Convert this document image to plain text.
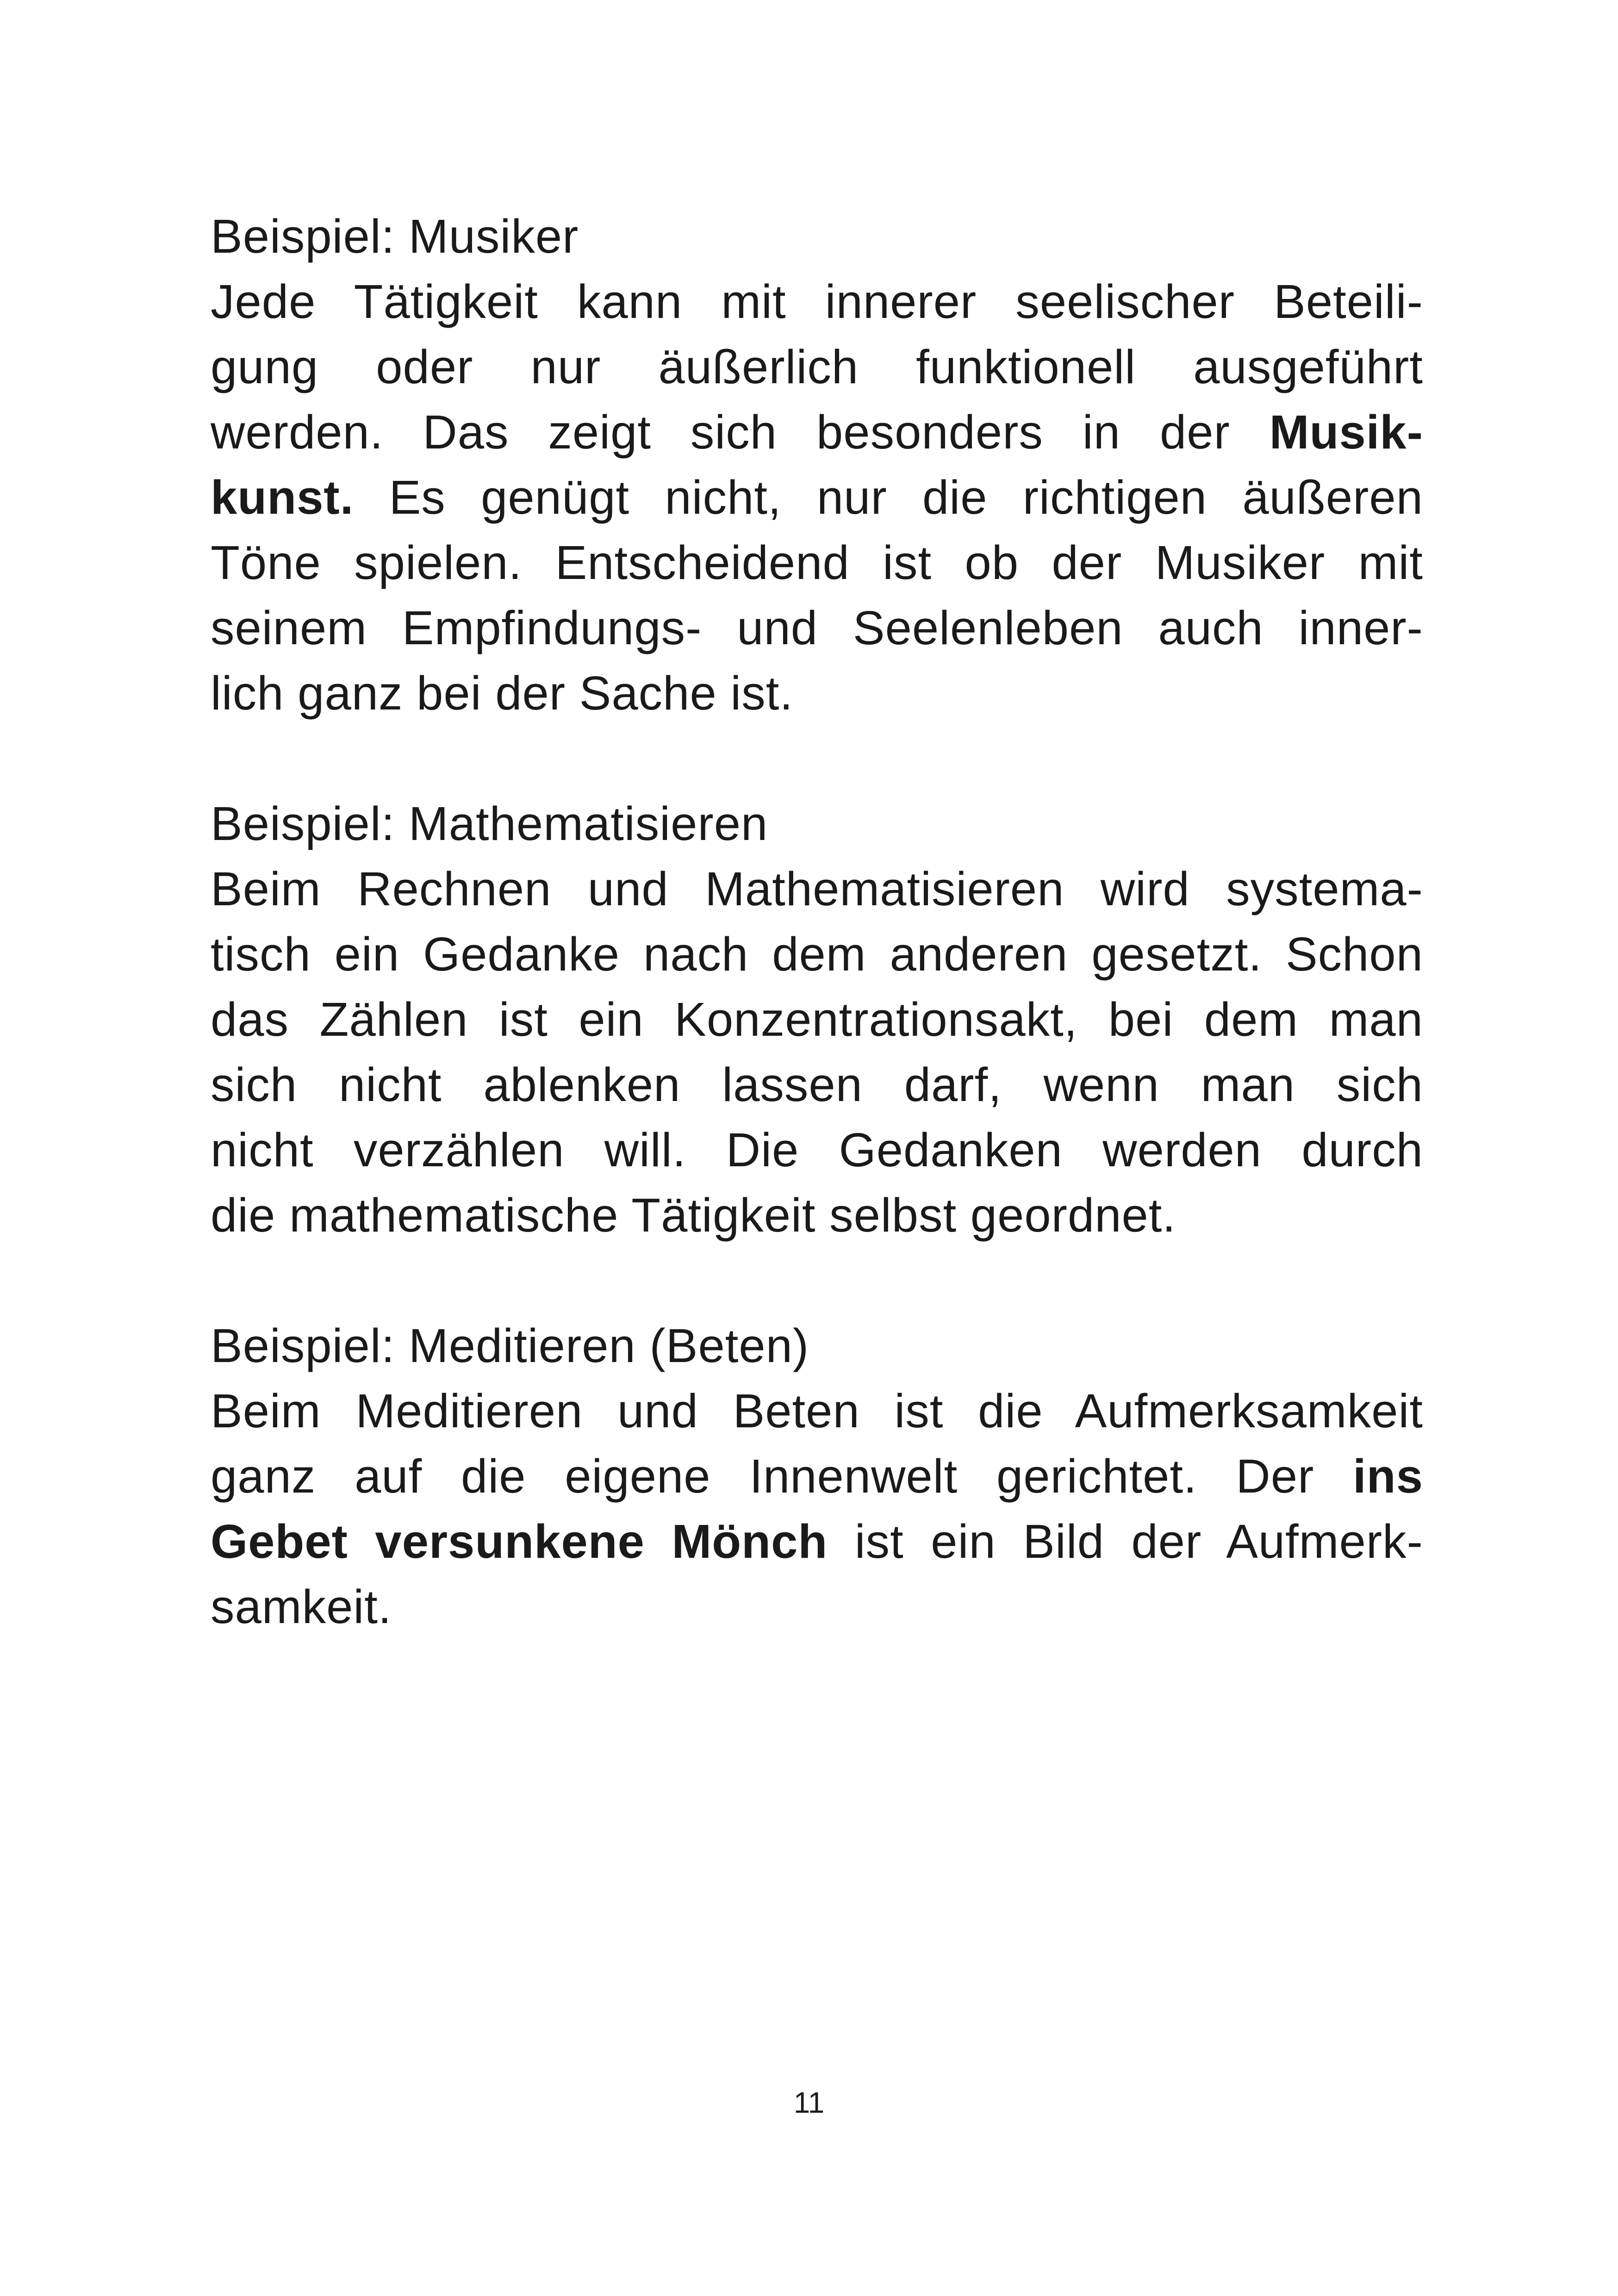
Beispiel: Musiker
Jede Tätigkeit kann mit innerer seelischer Beteili-
gung oder nur äußerlich funktionell ausgeführt
werden. Das zeigt sich besonders in der Musik-
kunst. Es genügt nicht, nur die richtigen äußeren
Töne spielen. Entscheidend ist ob der Musiker mit
seinem Empfindungs- und Seelenleben auch inner-
lich ganz bei der Sache ist.
Beispiel: Mathematisieren
Beim Rechnen und Mathematisieren wird systema-
tisch ein Gedanke nach dem anderen gesetzt. Schon
das Zählen ist ein Konzentrationsakt, bei dem man
sich nicht ablenken lassen darf, wenn man sich
nicht verzählen will. Die Gedanken werden durch
die mathematische Tätigkeit selbst geordnet.
Beispiel: Meditieren (Beten)
Beim Meditieren und Beten ist die Aufmerksamkeit
ganz auf die eigene Innenwelt gerichtet. Der ins
Gebet versunkene Mönch ist ein Bild der Aufmerk-
samkeit.
11
